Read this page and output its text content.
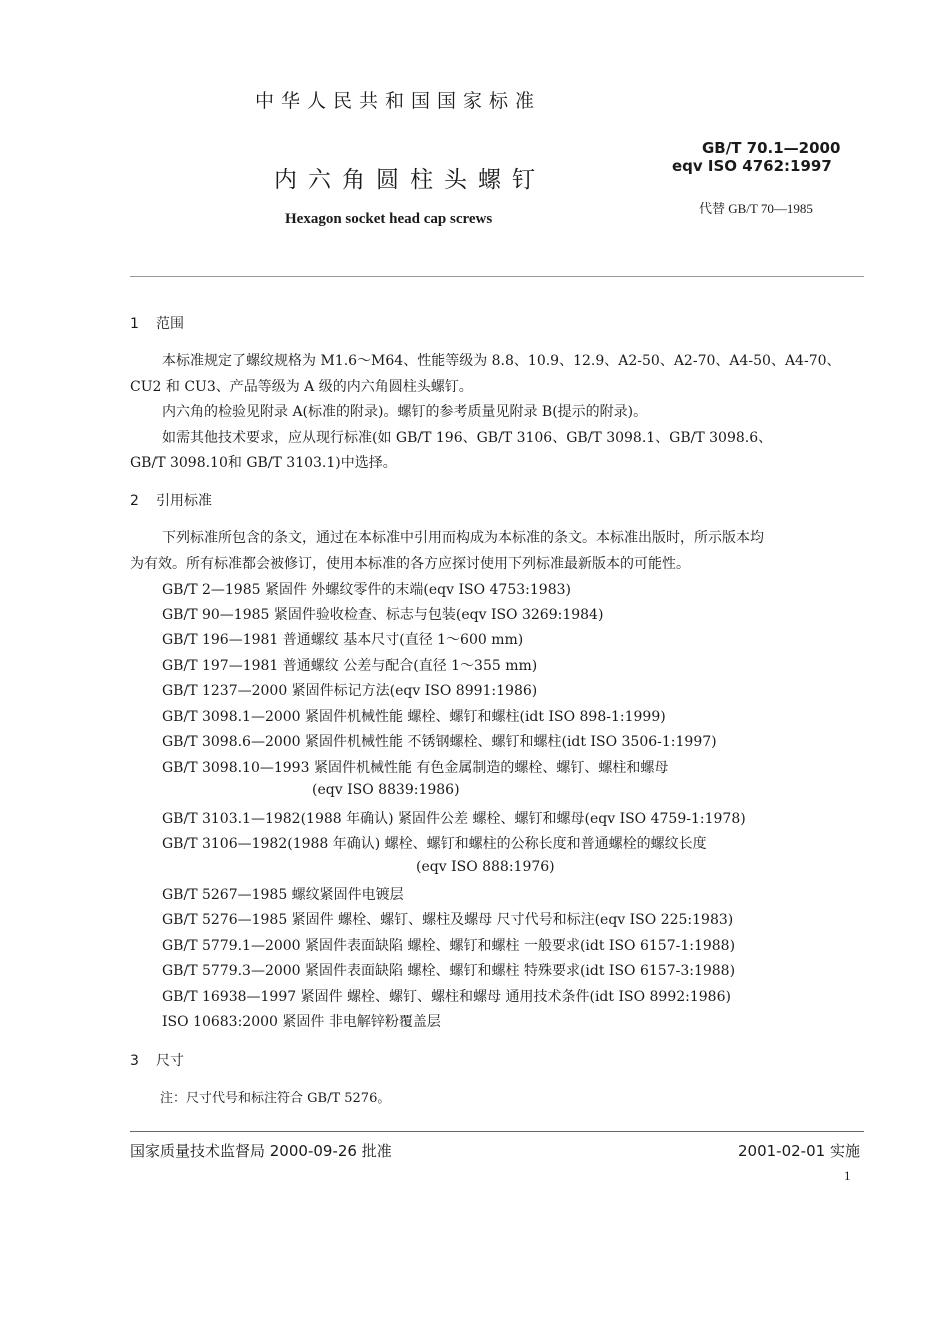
中华人民共和国国家标准
内六角圆柱头螺钉
Hexagon socket head cap screws
GB/T 70.1—2000
eqv ISO 4762:1997
代替 GB/T 70—1985
1 范围
本标准规定了螺纹规格为 M1.6～M64、性能等级为 8.8、10.9、12.9、A2-50、A2-70、A4-50、A4-70、
CU2 和 CU3、产品等级为 A 级的内六角圆柱头螺钉。
内六角的检验见附录 A(标准的附录)。螺钉的参考质量见附录 B(提示的附录)。
如需其他技术要求，应从现行标准(如 GB/T 196、GB/T 3106、GB/T 3098.1、GB/T 3098.6、
GB/T 3098.10和 GB/T 3103.1)中选择。
2 引用标准
下列标准所包含的条文，通过在本标准中引用而构成为本标准的条文。本标准出版时，所示版本均
为有效。所有标准都会被修订，使用本标准的各方应探讨使用下列标准最新版本的可能性。
GB/T 2—1985 紧固件 外螺纹零件的末端(eqv ISO 4753:1983)
GB/T 90—1985 紧固件验收检查、标志与包装(eqv ISO 3269:1984)
GB/T 196—1981 普通螺纹 基本尺寸(直径 1～600 mm)
GB/T 197—1981 普通螺纹 公差与配合(直径 1～355 mm)
GB/T 1237—2000 紧固件标记方法(eqv ISO 8991:1986)
GB/T 3098.1—2000 紧固件机械性能 螺栓、螺钉和螺柱(idt ISO 898-1:1999)
GB/T 3098.6—2000 紧固件机械性能 不锈钢螺栓、螺钉和螺柱(idt ISO 3506-1:1997)
GB/T 3098.10—1993 紧固件机械性能 有色金属制造的螺栓、螺钉、螺柱和螺母
(eqv ISO 8839:1986)
GB/T 3103.1—1982(1988 年确认) 紧固件公差 螺栓、螺钉和螺母(eqv ISO 4759-1:1978)
GB/T 3106—1982(1988 年确认) 螺栓、螺钉和螺柱的公称长度和普通螺栓的螺纹长度
(eqv ISO 888:1976)
GB/T 5267—1985 螺纹紧固件电镀层
GB/T 5276—1985 紧固件 螺栓、螺钉、螺柱及螺母 尺寸代号和标注(eqv ISO 225:1983)
GB/T 5779.1—2000 紧固件表面缺陷 螺栓、螺钉和螺柱 一般要求(idt ISO 6157-1:1988)
GB/T 5779.3—2000 紧固件表面缺陷 螺栓、螺钉和螺柱 特殊要求(idt ISO 6157-3:1988)
GB/T 16938—1997 紧固件 螺栓、螺钉、螺柱和螺母 通用技术条件(idt ISO 8992:1986)
ISO 10683:2000 紧固件 非电解锌粉覆盖层
3 尺寸
注：尺寸代号和标注符合 GB/T 5276。
国家质量技术监督局 2000-09-26 批准	2001-02-01 实施
1
